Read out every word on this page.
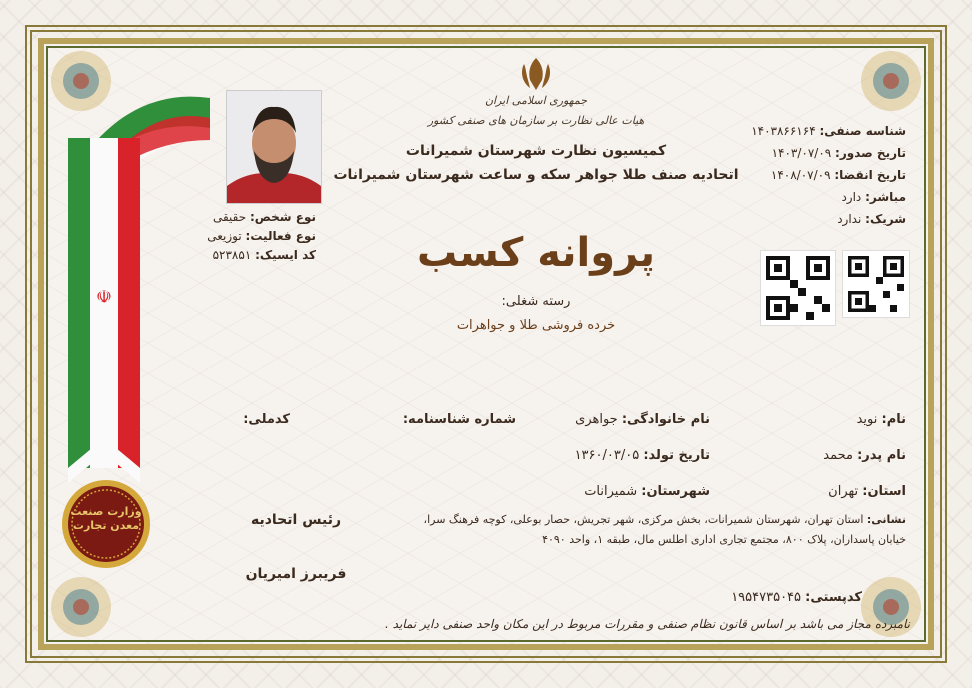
☫
وزارت صنعت معدن تجارت
نوع شخص: حقیقی
نوع فعالیت: توزیعی
کد ایسیک: ۵۲۳۸۵۱
جمهوری اسلامی ایران
هیات عالی نظارت بر سازمان های صنفی کشور
کمیسیون نظارت شهرستان شمیرانات
اتحادیه صنف طلا جواهر سکه و ساعت شهرستان شمیرانات
پروانه کسب
رسته شغلی:
خرده فروشی طلا و جواهرات
شناسه صنفی: ۱۴۰۳۸۶۶۱۶۴
تاریخ صدور: ۱۴۰۳/۰۷/۰۹
تاریخ انقضا: ۱۴۰۸/۰۷/۰۹
مباشر: دارد
شریک: ندارد
نام: نوید
نام خانوادگی: جواهری
شماره شناسنامه:
کدملی:
نام پدر: محمد
تاریخ تولد: ۱۳۶۰/۰۳/۰۵
استان: تهران
شهرستان: شمیرانات
نشانی: استان تهران، شهرستان شمیرانات، بخش مرکزی، شهر تجریش، حصار بوعلی، کوچه فرهنگ سرا،
خیابان پاسداران، پلاک ۸۰۰، مجتمع تجاری اداری اطلس مال، طبقه ۱، واحد ۴۰۹۰
کدپستی: ۱۹۵۴۷۳۵۰۴۵
رئیس اتحادیه
فریبرز امیریان
نامبرده مجاز می باشد بر اساس قانون نظام صنفی و مقررات مربوط در این مکان واحد صنفی دایر نماید .
